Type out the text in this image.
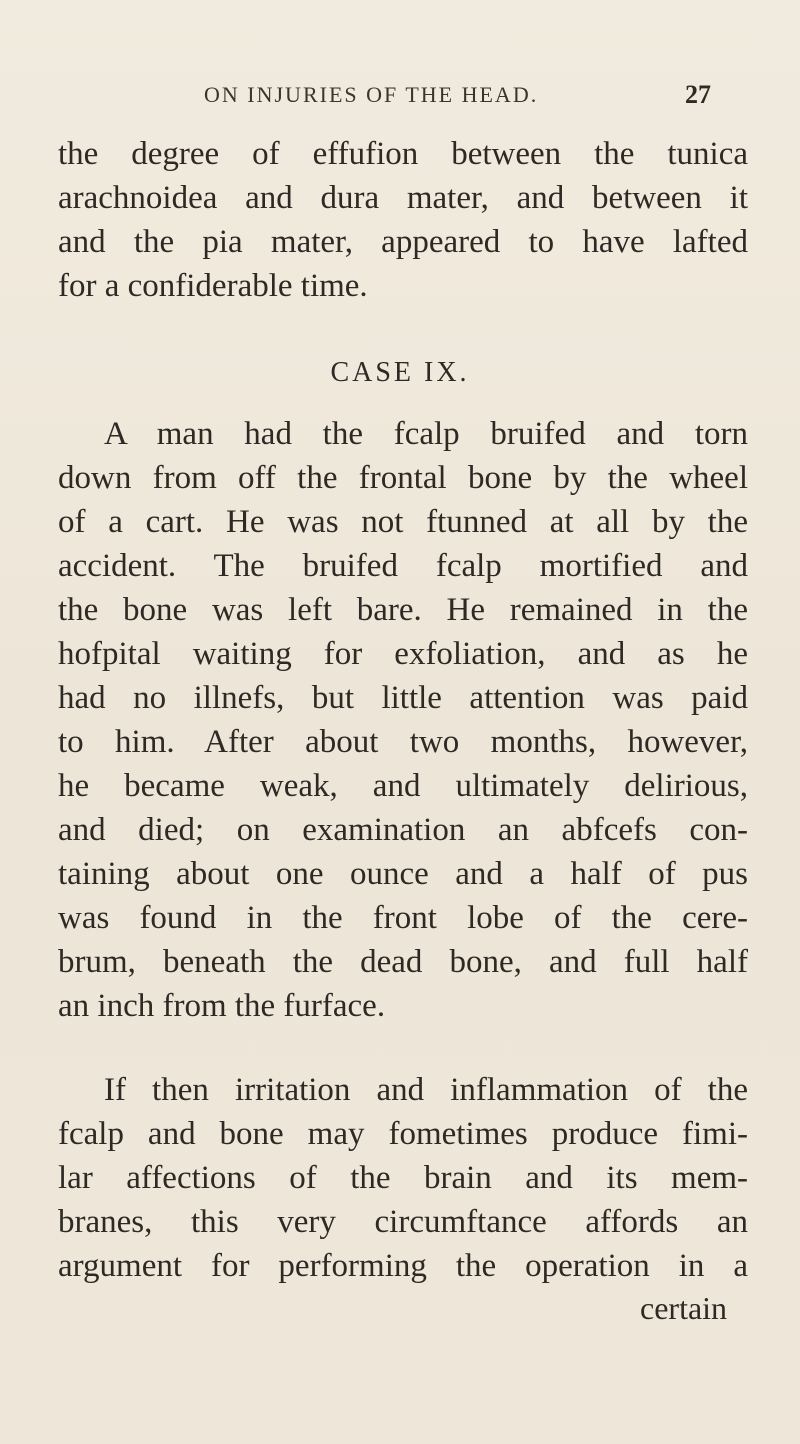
ON INJURIES OF THE HEAD.	27
the degree of effufion between the tunica
arachnoidea and dura mater, and between it
and the pia mater, appeared to have lafted
for a confiderable time.
CASE IX.
A man had the fcalp bruifed and torn
down from off the frontal bone by the wheel
of a cart. He was not ftunned at all by the
accident. The bruifed fcalp mortified and
the bone was left bare. He remained in the
hofpital waiting for exfoliation, and as he
had no illnefs, but little attention was paid
to him. After about two months, however,
he became weak, and ultimately delirious,
and died; on examination an abfcefs con-
taining about one ounce and a half of pus
was found in the front lobe of the cere-
brum, beneath the dead bone, and full half
an inch from the furface.
If then irritation and inflammation of the
fcalp and bone may fometimes produce fimi-
lar affections of the brain and its mem-
branes, this very circumftance affords an
argument for performing the operation in a
certain
